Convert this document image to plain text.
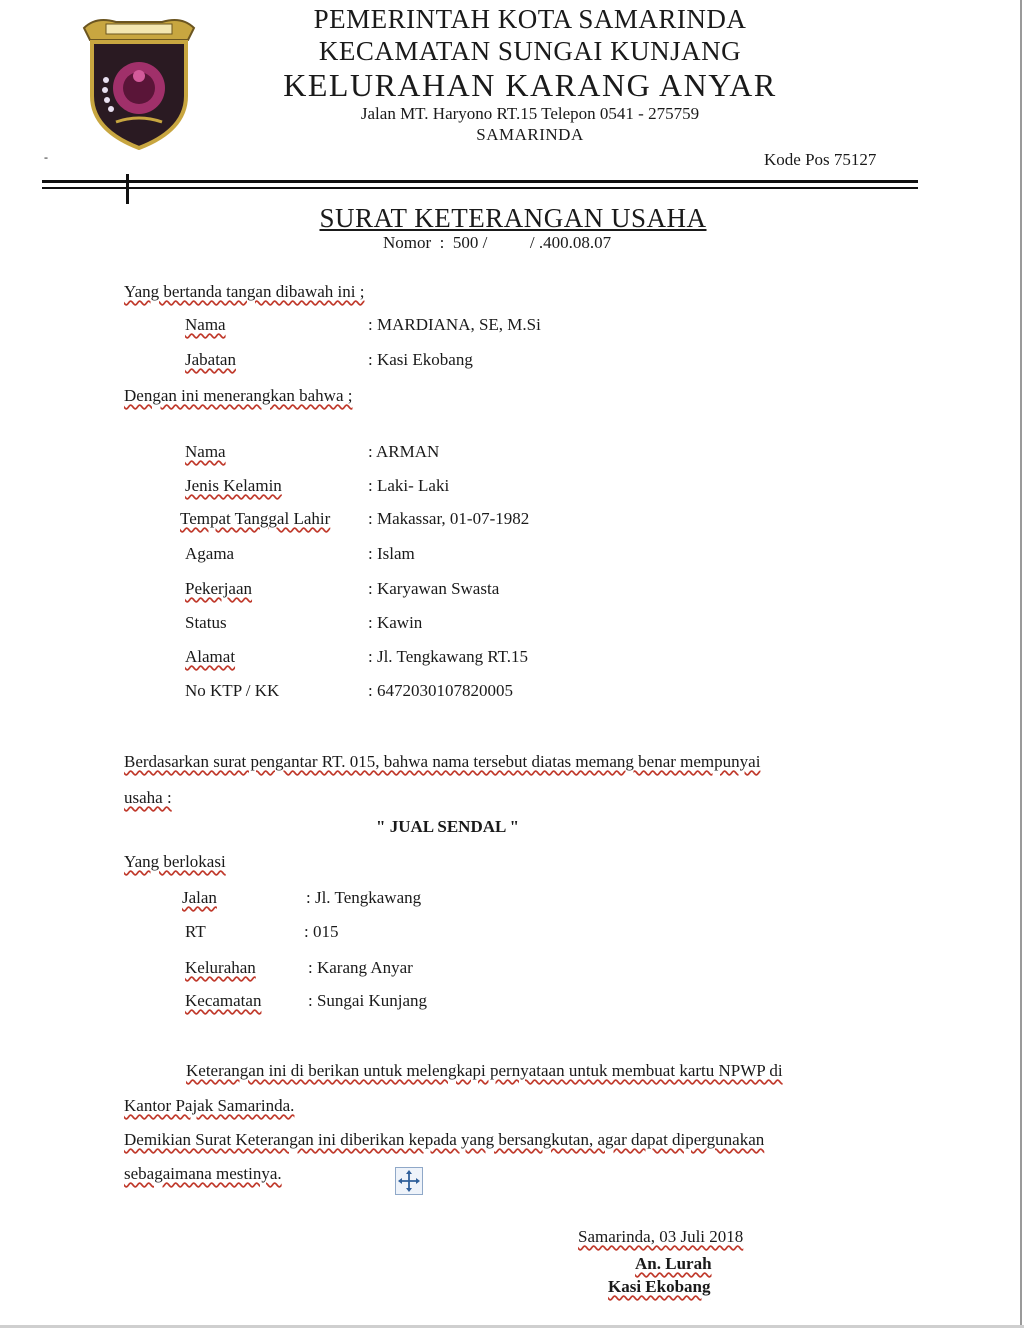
PEMERINTAH KOTA SAMARINDA
KECAMATAN SUNGAI KUNJANG
KELURAHAN KARANG ANYAR
Jalan MT. Haryono RT.15 Telepon 0541 - 275759
SAMARINDA
-	Kode Pos 75127
SURAT KETERANGAN USAHA
Nomor  :  500 /          / .400.08.07
Yang bertanda tangan dibawah ini ;
Nama	: MARDIANA, SE, M.Si
Jabatan	: Kasi Ekobang
Dengan ini menerangkan bahwa ;
Nama	: ARMAN
Jenis Kelamin	: Laki- Laki
Tempat Tanggal Lahir : Makassar, 01-07-1982
Agama	: Islam
Pekerjaan	: Karyawan Swasta
Status	: Kawin
Alamat	: Jl. Tengkawang RT.15
No KTP / KK	: 6472030107820005
Berdasarkan surat pengantar RT. 015, bahwa nama tersebut diatas memang benar mempunyai
usaha :
" JUAL SENDAL "
Yang berlokasi
Jalan	: Jl. Tengkawang
RT	: 015
Kelurahan	: Karang Anyar
Kecamatan	: Sungai Kunjang
Keterangan ini di berikan untuk melengkapi pernyataan untuk membuat kartu NPWP di
Kantor Pajak Samarinda.
Demikian Surat Keterangan ini diberikan kepada yang bersangkutan, agar dapat dipergunakan
sebagaimana mestinya.
Samarinda, 03 Juli 2018
An. Lurah
Kasi Ekobang
